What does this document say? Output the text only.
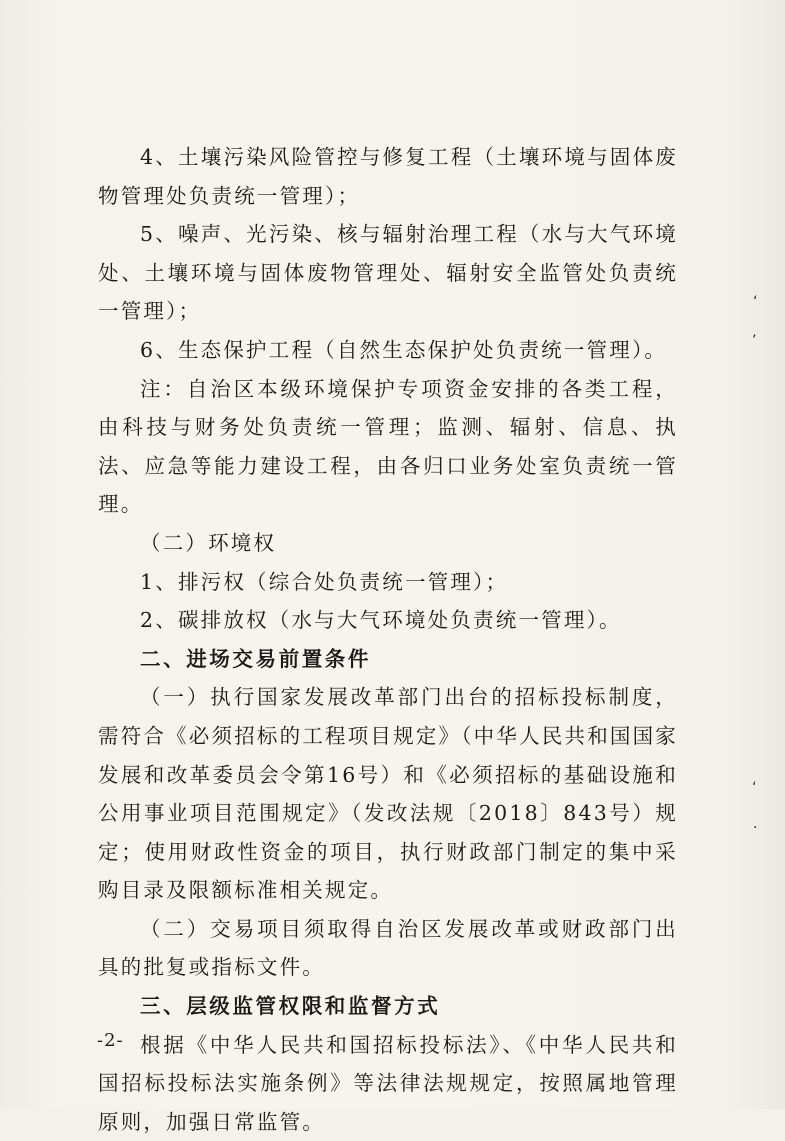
4、土壤污染风险管控与修复工程（土壤环境与固体废物管理处负责统一管理）；

5、噪声、光污染、核与辐射治理工程（水与大气环境处、土壤环境与固体废物管理处、辐射安全监管处负责统一管理）；

6、生态保护工程（自然生态保护处负责统一管理）。

注：自治区本级环境保护专项资金安排的各类工程，由科技与财务处负责统一管理；监测、辐射、信息、执法、应急等能力建设工程，由各归口业务处室负责统一管理。

（二）环境权

1、排污权（综合处负责统一管理）；

2、碳排放权（水与大气环境处负责统一管理）。

二、进场交易前置条件

（一）执行国家发展改革部门出台的招标投标制度，需符合《必须招标的工程项目规定》（中华人民共和国国家发展和改革委员会令第16号）和《必须招标的基础设施和公用事业项目范围规定》（发改法规〔2018〕843号）规定；使用财政性资金的项目，执行财政部门制定的集中采购目录及限额标准相关规定。

（二）交易项目须取得自治区发展改革或财政部门出具的批复或指标文件。

三、层级监管权限和监督方式

根据《中华人民共和国招标投标法》、《中华人民共和国招标投标法实施条例》等法律法规规定，按照属地管理原则，加强日常监管。

-2-
‘
’
‘
·
